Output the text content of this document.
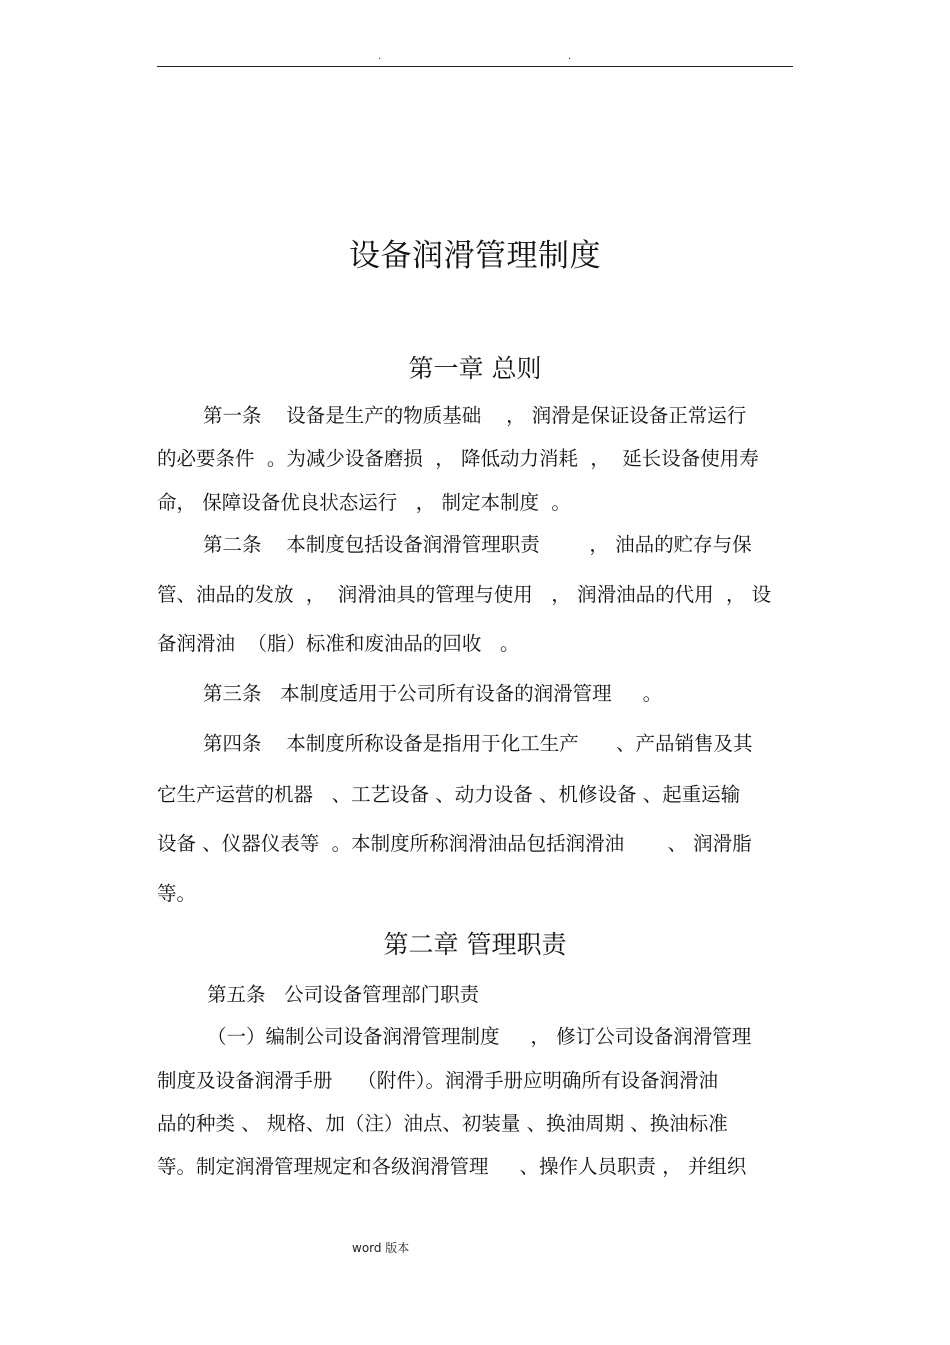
.	.
设备润滑管理制度
第一章 总则
第一条    设备是生产的物质基础    ， 润滑是保证设备正常运行
的必要条件  。为减少设备磨损  ， 降低动力消耗  ，  延长设备使用寿
命， 保障设备优良状态运行   ， 制定本制度  。
第二条    本制度包括设备润滑管理职责        ， 油品的贮存与保
管、油品的发放  ，  润滑油具的管理与使用   ， 润滑油品的代用  ， 设
备润滑油  （脂）标准和废油品的回收   。
第三条   本制度适用于公司所有设备的润滑管理     。
第四条    本制度所称设备是指用于化工生产      、产品销售及其
它生产运营的机器   、工艺设备 、动力设备 、机修设备 、起重运输
设备 、仪器仪表等  。本制度所称润滑油品包括润滑油       、 润滑脂
等。
第二章 管理职责
第五条   公司设备管理部门职责
（一）编制公司设备润滑管理制度     ， 修订公司设备润滑管理
制度及设备润滑手册    （附件）。润滑手册应明确所有设备润滑油
品的种类 、 规格、加（注）油点、初装量 、换油周期 、换油标准
等。制定润滑管理规定和各级润滑管理     、操作人员职责 ， 并组织
word 版本
